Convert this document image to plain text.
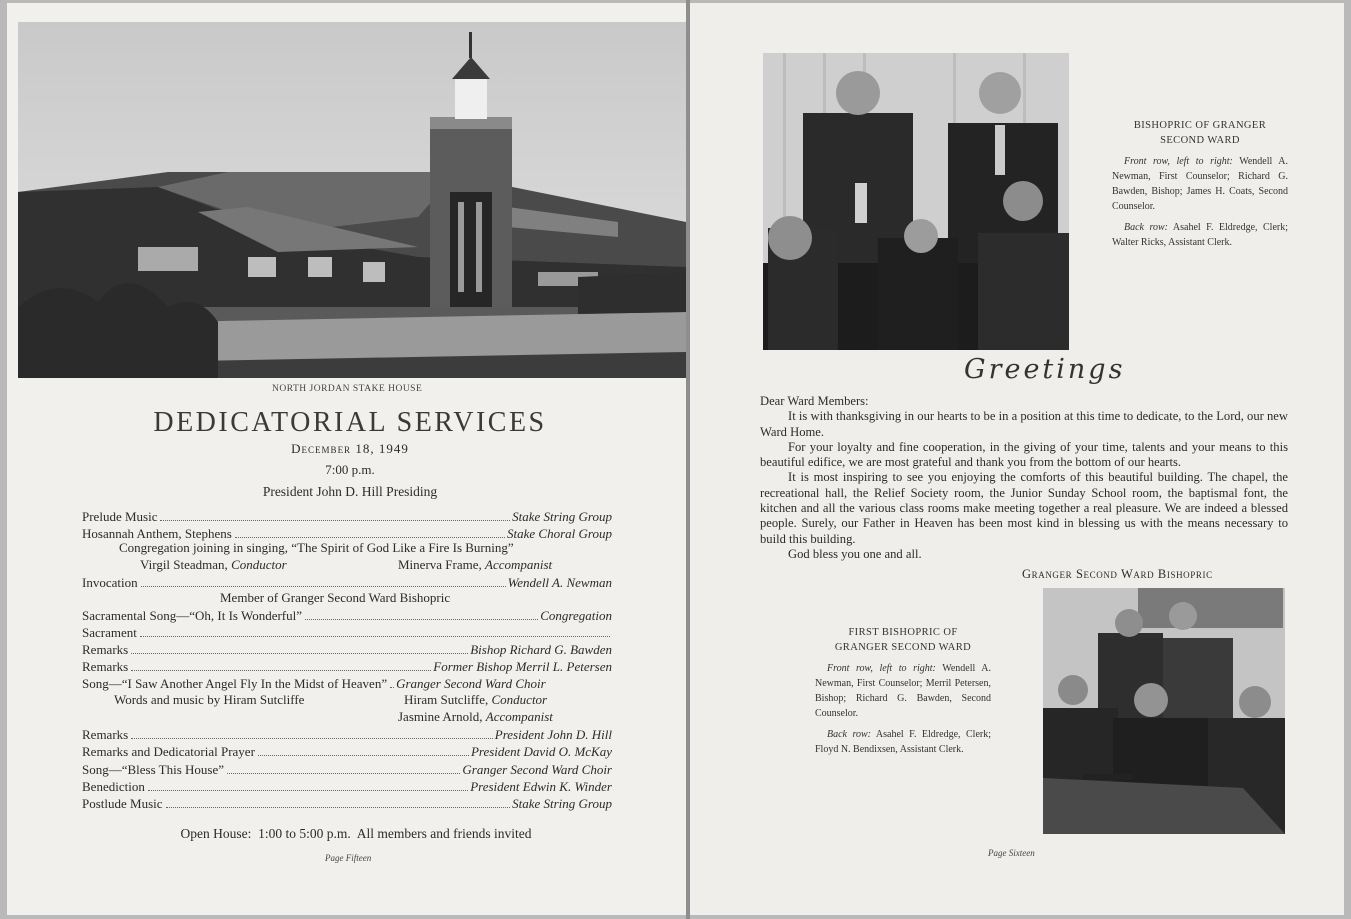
NORTH JORDAN STAKE HOUSE
DEDICATORIAL SERVICES
December 18, 1949
7:00 p.m.
President John D. Hill Presiding
Prelude Music	Stake String Group
Hosannah Anthem, Stephens	Stake Choral Group
Congregation joining in singing, “The Spirit of God Like a Fire Is Burning”
Virgil Steadman, Conductor	Minerva Frame, Accompanist
Invocation	Wendell A. Newman
Member of Granger Second Ward Bishopric
Sacramental Song—“Oh, It Is Wonderful”	Congregation
Sacrament
Remarks	Bishop Richard G. Bawden
Remarks	Former Bishop Merril L. Petersen
Song—“I Saw Another Angel Fly In the Midst of Heaven” Granger Second Ward Choir
Words and music by Hiram Sutcliffe	Hiram Sutcliffe, Conductor
Jasmine Arnold, Accompanist
Remarks	President John D. Hill
Remarks and Dedicatorial Prayer	President David O. McKay
Song—“Bless This House”	Granger Second Ward Choir
Benediction	President Edwin K. Winder
Postlude Music	Stake String Group
Open House:  1:00 to 5:00 p.m.  All members and friends invited
Page Fifteen
BISHOPRIC OF GRANGER SECOND WARD

Front row, left to right: Wendell A. Newman, First Counselor; Richard G. Bawden, Bishop; James H. Coats, Second Counselor.

Back row: Asahel F. Eldredge, Clerk; Walter Ricks, Assistant Clerk.

Greetings
Dear Ward Members:

It is with thanksgiving in our hearts to be in a position at this time to dedicate, to the Lord, our new Ward Home.

For your loyalty and fine cooperation, in the giving of your time, talents and your means to this beautiful edifice, we are most grateful and thank you from the bottom of our hearts.

It is most inspiring to see you enjoying the comforts of this beautiful building. The chapel, the recreational hall, the Relief Society room, the Junior Sunday School room, the baptismal font, the kitchen and all the various class rooms make meeting together a real pleasure. We are indeed a blessed people. Surely, our Father in Heaven has been most kind in blessing us with the means necessary to build this building.

God bless you one and all.

Granger Second Ward Bishopric
FIRST BISHOPRIC OF GRANGER SECOND WARD

Front row, left to right: Wendell A. Newman, First Counselor; Merril Petersen, Bishop; Richard G. Bawden, Second Counselor.

Back row: Asahel F. Eldredge, Clerk; Floyd N. Bendixsen, Assistant Clerk.

Page Sixteen
